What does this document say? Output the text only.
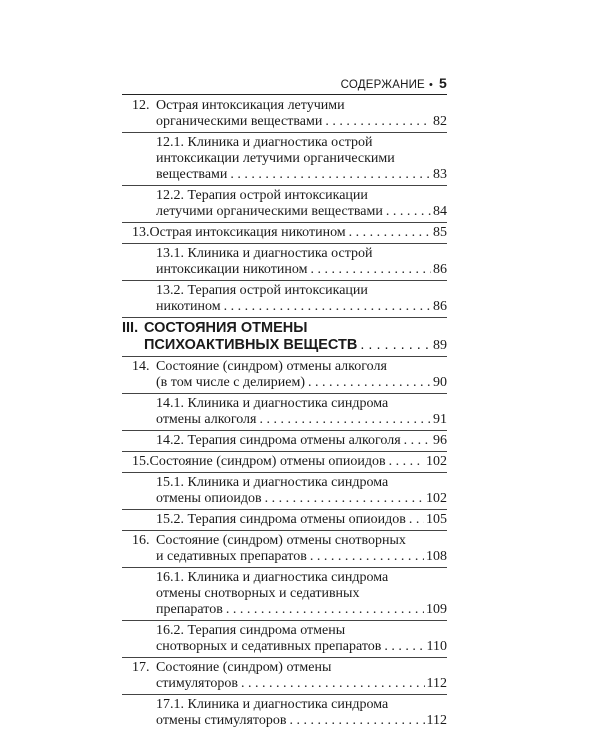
СОДЕРЖАНИЕ • 5
12. Острая интоксикация летучими
органическими веществами . . .	82
12.1. Клиника и диагностика острой
интоксикации летучими органическими
веществами . . .	83
12.2. Терапия острой интоксикации
летучими органическими веществами . . .	84
13. Острая интоксикация никотином . . .	85
13.1. Клиника и диагностика острой
интоксикации никотином . . .	86
13.2. Терапия острой интоксикации
никотином . . .	86
III. СОСТОЯНИЯ ОТМЕНЫ
ПСИХОАКТИВНЫХ ВЕЩЕСТВ . . .	89
14. Состояние (синдром) отмены алкоголя
(в том числе с делирием) . . .	90
14.1. Клиника и диагностика синдрома
отмены алкоголя . . .	91
14.2. Терапия синдрома отмены алкоголя . . . 96
15. Состояние (синдром) отмены опиоидов . . .	102
15.1. Клиника и диагностика синдрома
отмены опиоидов . . .	102
15.2. Терапия синдрома отмены опиоидов . . . 105
16. Состояние (синдром) отмены снотворных
и седативных препаратов . . .	108
16.1. Клиника и диагностика синдрома
отмены снотворных и седативных
препаратов . . .	109
16.2. Терапия синдрома отмены
снотворных и седативных препаратов . . .	110
17. Состояние (синдром) отмены
стимуляторов . . .	112
17.1. Клиника и диагностика синдрома
отмены стимуляторов . . .	112
